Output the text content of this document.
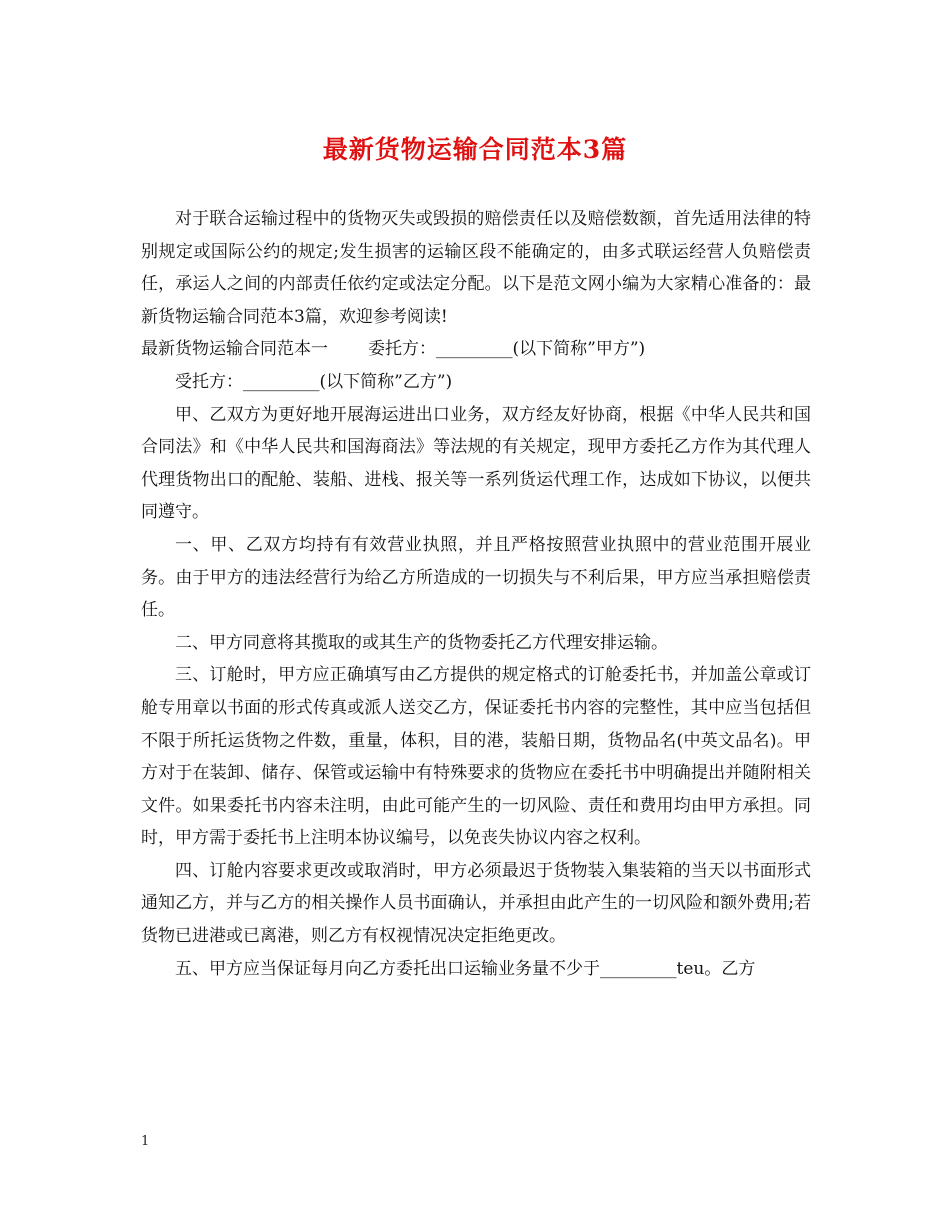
最新货物运输合同范本3篇

对于联合运输过程中的货物灭失或毁损的赔偿责任以及赔偿数额，首先适用法律的特别规定或国际公约的规定;发生损害的运输区段不能确定的，由多式联运经营人负赔偿责任，承运人之间的内部责任依约定或法定分配。以下是范文网小编为大家精心准备的：最新货物运输合同范本3篇，欢迎参考阅读!

最新货物运输合同范本一 委托方：_________(以下简称”甲方”)

受托方：_________(以下简称”乙方”)

甲、乙双方为更好地开展海运进出口业务，双方经友好协商，根据《中华人民共和国合同法》和《中华人民共和国海商法》等法规的有关规定，现甲方委托乙方作为其代理人代理货物出口的配舱、装船、进栈、报关等一系列货运代理工作，达成如下协议，以便共同遵守。

一、甲、乙双方均持有有效营业执照，并且严格按照营业执照中的营业范围开展业务。由于甲方的违法经营行为给乙方所造成的一切损失与不利后果，甲方应当承担赔偿责任。

二、甲方同意将其揽取的或其生产的货物委托乙方代理安排运输。

三、订舱时，甲方应正确填写由乙方提供的规定格式的订舱委托书，并加盖公章或订舱专用章以书面的形式传真或派人送交乙方，保证委托书内容的完整性，其中应当包括但不限于所托运货物之件数，重量，体积，目的港，装船日期，货物品名(中英文品名)。甲方对于在装卸、储存、保管或运输中有特殊要求的货物应在委托书中明确提出并随附相关文件。如果委托书内容未注明，由此可能产生的一切风险、责任和费用均由甲方承担。同时，甲方需于委托书上注明本协议编号，以免丧失协议内容之权利。

四、订舱内容要求更改或取消时，甲方必须最迟于货物装入集装箱的当天以书面形式通知乙方，并与乙方的相关操作人员书面确认，并承担由此产生的一切风险和额外费用;若货物已进港或已离港，则乙方有权视情况决定拒绝更改。

五、甲方应当保证每月向乙方委托出口运输业务量不少于_________teu。乙方

1
